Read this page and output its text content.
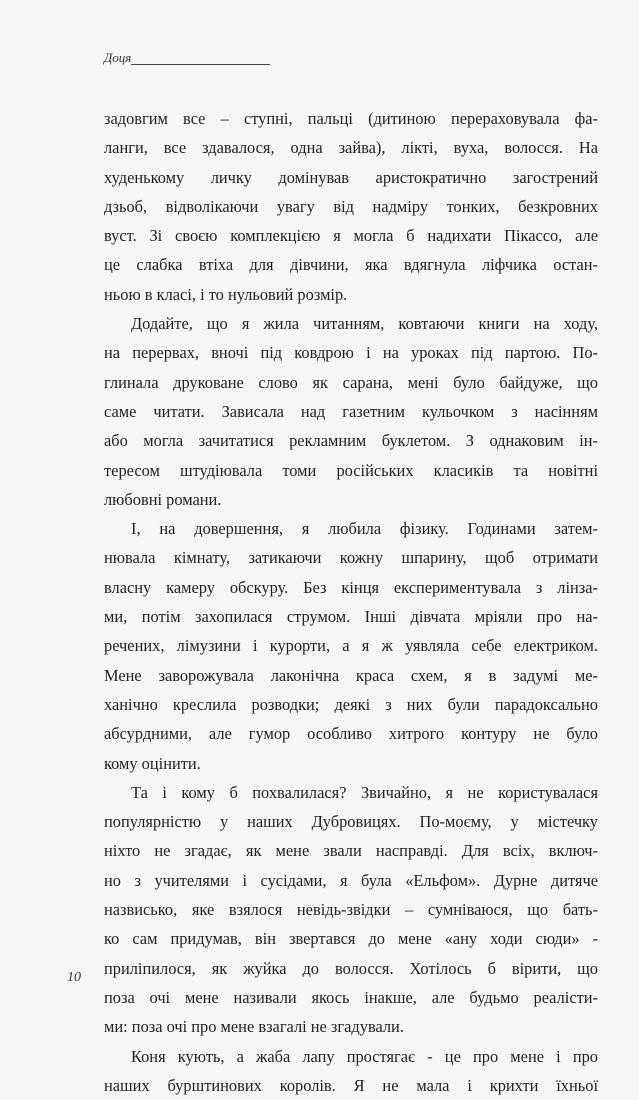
Доця
задовгим все – ступні, пальці (дитиною перераховувала фа-
ланги, все здавалося, одна зайва), лікті, вуха, волосся. На
худенькому личку домінував аристократично загострений
дзьоб, відволікаючи увагу від надміру тонких, безкровних
вуст. Зі своєю комплекцією я могла б надихати Пікассо, але
це слабка втіха для дівчини, яка вдягнула ліфчика остан-
ньою в класі, і то нульовий розмір.
Додайте, що я жила читанням, ковтаючи книги на ходу,
на перервах, вночі під ковдрою і на уроках під партою. По-
глинала друковане слово як сарана, мені було байдуже, що
саме читати. Зависала над газетним кульочком з насінням
або могла зачитатися рекламним буклетом. З однаковим ін-
тересом штудіювала томи російських класиків та новітні
любовні романи.
І, на довершення, я любила фізику. Годинами затем-
нювала кімнату, затикаючи кожну шпарину, щоб отримати
власну камеру обскуру. Без кінця експериментувала з лінза-
ми, потім захопилася струмом. Інші дівчата мріяли про на-
речених, лімузини і курорти, а я ж уявляла себе електриком.
Мене заворожувала лаконічна краса схем, я в задумі ме-
ханічно креслила розводки; деякі з них були парадоксально
абсурдними, але гумор особливо хитрого контуру не було
кому оцінити.
Та і кому б похвалилася? Звичайно, я не користувалася
популярністю у наших Дубровицях. По-моєму, у містечку
ніхто не згадає, як мене звали насправді. Для всіх, включ-
но з учителями і сусідами, я була «Ельфом». Дурне дитяче
назвисько, яке взялося невідь-звідки – сумніваюся, що бать-
ко сам придумав, він звертався до мене «ану ходи сюди» -
приліпилося, як жуйка до волосся. Хотілось б вірити, що
поза очі мене називали якось інакше, але будьмо реалісти-
ми: поза очі про мене взагалі не згадували.
Коня кують, а жаба лапу простягає - це про мене і про
наших бурштинових королів. Я не мала і крихти їхньої
10
